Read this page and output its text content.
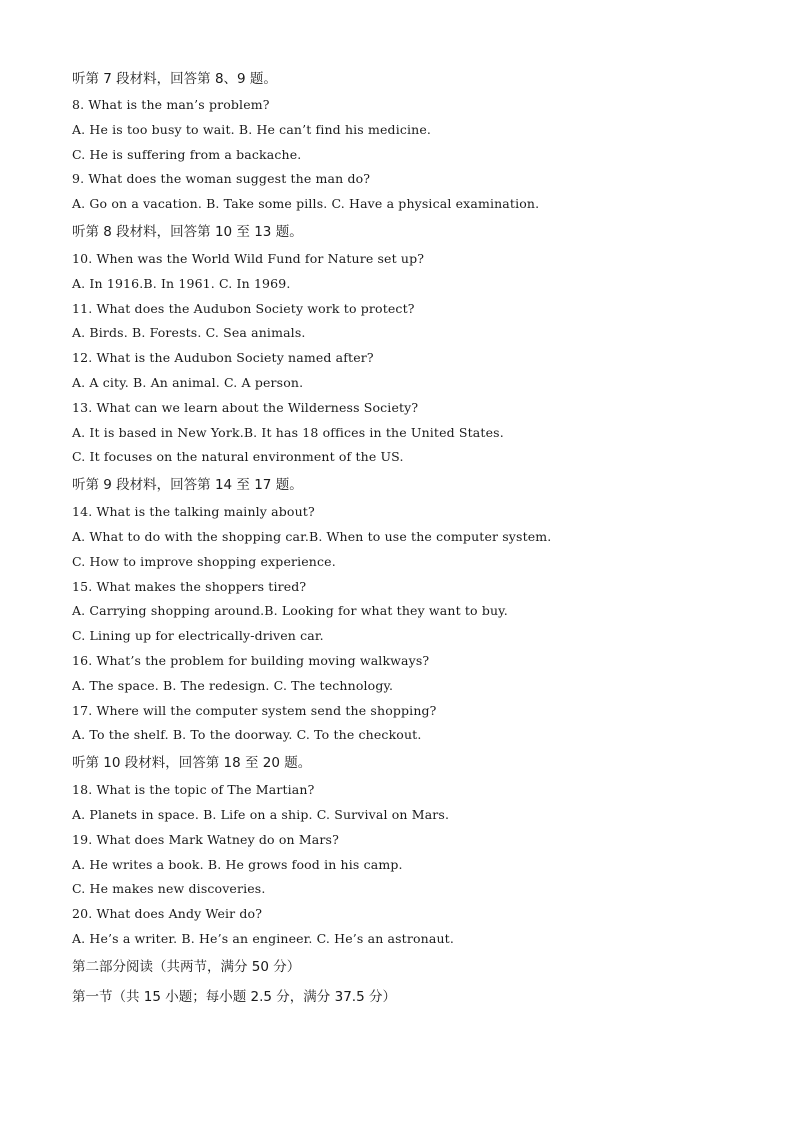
听第 7 段材料，回答第 8、9 题。
8. What is the man’s problem?
A. He is too busy to wait. B. He can’t find his medicine.
C. He is suffering from a backache.
9. What does the woman suggest the man do?
A. Go on a vacation. B. Take some pills. C. Have a physical examination.
听第 8 段材料，回答第 10 至 13 题。
10. When was the World Wild Fund for Nature set up?
A. In 1916.B. In 1961. C. In 1969.
11. What does the Audubon Society work to protect?
A. Birds. B. Forests. C. Sea animals.
12. What is the Audubon Society named after?
A. A city. B. An animal. C. A person.
13. What can we learn about the Wilderness Society?
A. It is based in New York.B. It has 18 offices in the United States.
C. It focuses on the natural environment of the US.
听第 9 段材料，回答第 14 至 17 题。
14. What is the talking mainly about?
A. What to do with the shopping car.B. When to use the computer system.
C. How to improve shopping experience.
15. What makes the shoppers tired?
A. Carrying shopping around.B. Looking for what they want to buy.
C. Lining up for electrically-driven car.
16. What’s the problem for building moving walkways?
A. The space. B. The redesign. C. The technology.
17. Where will the computer system send the shopping?
A. To the shelf. B. To the doorway. C. To the checkout.
听第 10 段材料，回答第 18 至 20 题。
18. What is the topic of The Martian?
A. Planets in space. B. Life on a ship. C. Survival on Mars.
19. What does Mark Watney do on Mars?
A. He writes a book. B. He grows food in his camp.
C. He makes new discoveries.
20. What does Andy Weir do?
A. He’s a writer. B. He’s an engineer. C. He’s an astronaut.
第二部分阅读（共两节，满分 50 分）
第一节（共 15 小题；每小题 2.5 分，满分 37.5 分）
